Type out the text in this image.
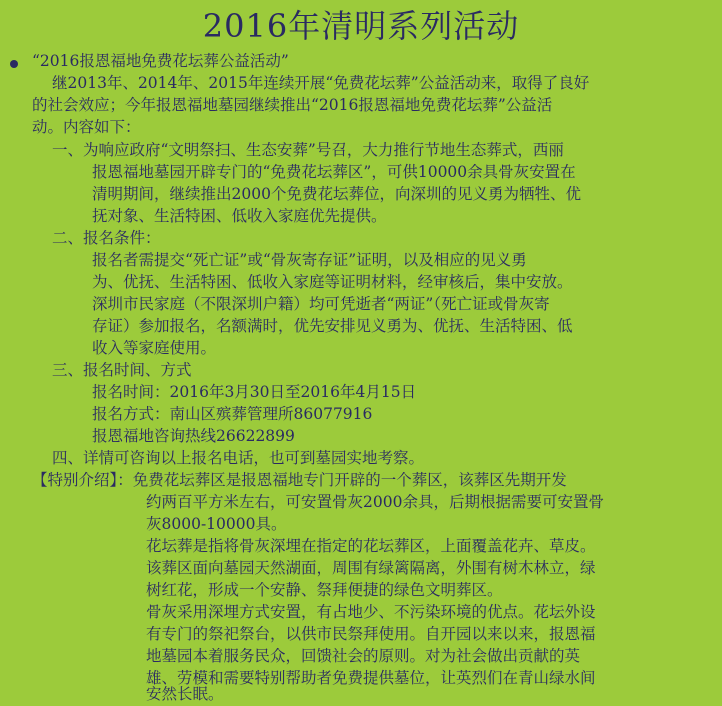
2016年清明系列活动
“2016报恩福地免费花坛葬公益活动”
继2013年、2014年、2015年连续开展“免费花坛葬”公益活动来，取得了良好
的社会效应；今年报恩福地墓园继续推出“2016报恩福地免费花坛葬”公益活
动。内容如下：
一、为响应政府“文明祭扫、生态安葬”号召，大力推行节地生态葬式，西丽
报恩福地墓园开辟专门的“免费花坛葬区”，可供10000余具骨灰安置在
清明期间，继续推出2000个免费花坛葬位，向深圳的见义勇为牺牲、优
抚对象、生活特困、低收入家庭优先提供。
二、报名条件：
报名者需提交“死亡证”或“骨灰寄存证”证明，以及相应的见义勇
为、优抚、生活特困、低收入家庭等证明材料，经审核后，集中安放。
深圳市民家庭（不限深圳户籍）均可凭逝者“两证”（死亡证或骨灰寄
存证）参加报名，名额满时，优先安排见义勇为、优抚、生活特困、低
收入等家庭使用。
三、报名时间、方式
报名时间：2016年3月30日至2016年4月15日
报名方式：南山区殡葬管理所86077916
报恩福地咨询热线26622899
四、详情可咨询以上报名电话，也可到墓园实地考察。
【特别介绍】：免费花坛葬区是报恩福地专门开辟的一个葬区，该葬区先期开发
约两百平方米左右，可安置骨灰2000余具，后期根据需要可安置骨
灰8000-10000具。
花坛葬是指将骨灰深埋在指定的花坛葬区，上面覆盖花卉、草皮。
该葬区面向墓园天然湖面，周围有绿篱隔离，外围有树木林立，绿
树红花，形成一个安静、祭拜便捷的绿色文明葬区。
骨灰采用深埋方式安置，有占地少、不污染环境的优点。花坛外设
有专门的祭祀祭台，以供市民祭拜使用。自开园以来以来，报恩福
地墓园本着服务民众，回馈社会的原则。对为社会做出贡献的英
雄、劳模和需要特别帮助者免费提供墓位，让英烈们在青山绿水间
安然长眠。
